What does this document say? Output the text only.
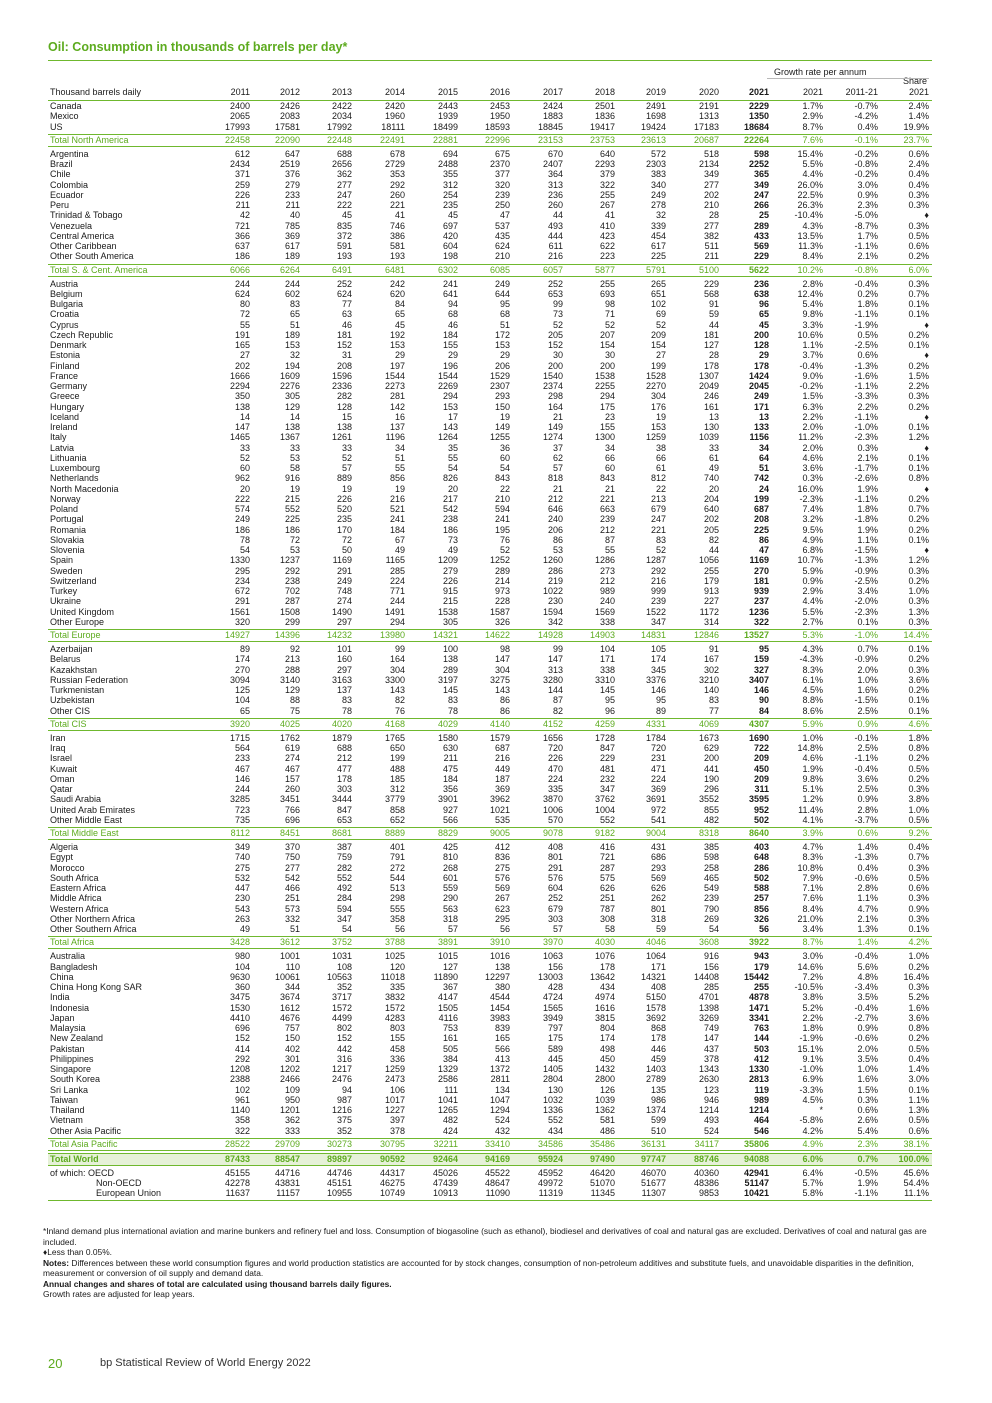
Oil: Consumption in thousands of barrels per day*
Growth rate per annum
Share
Thousand barrels daily	2011	2012	2013	2014	2015	2016	2017	2018	2019	2020	2021	2021	2011-21	2021
Canada	2400	2426	2422	2420	2443	2453	2424	2501	2491	2191	2229	1.7%	-0.7%	2.4%
Mexico	2065	2083	2034	1960	1939	1950	1883	1836	1698	1313	1350	2.9%	-4.2%	1.4%
US	17993	17581	17992	18111	18499	18593	18845	19417	19424	17183	18684	8.7%	0.4%	19.9%
Total North America	22458	22090	22448	22491	22881	22996	23153	23753	23613	20687	22264	7.6%	-0.1%	23.7%
Argentina	612	647	688	678	694	675	670	640	572	518	598	15.4%	-0.2%	0.6%
Brazil	2434	2519	2656	2729	2488	2370	2407	2293	2303	2134	2252	5.5%	-0.8%	2.4%
Chile	371	376	362	353	355	377	364	379	383	349	365	4.4%	-0.2%	0.4%
Colombia	259	279	277	292	312	320	313	322	340	277	349	26.0%	3.0%	0.4%
Ecuador	226	233	247	260	254	239	236	255	249	202	247	22.5%	0.9%	0.3%
Peru	211	211	222	221	235	250	260	267	278	210	266	26.3%	2.3%	0.3%
Trinidad & Tobago	42	40	45	41	45	47	44	41	32	28	25	-10.4%	-5.0%	♦
Venezuela	721	785	835	746	697	537	493	410	339	277	289	4.3%	-8.7%	0.3%
Central America	366	369	372	386	420	435	444	423	454	382	433	13.5%	1.7%	0.5%
Other Caribbean	637	617	591	581	604	624	611	622	617	511	569	11.3%	-1.1%	0.6%
Other South America	186	189	193	193	198	210	216	223	225	211	229	8.4%	2.1%	0.2%
Total S. & Cent. America	6066	6264	6491	6481	6302	6085	6057	5877	5791	5100	5622	10.2%	-0.8%	6.0%
Austria	244	244	252	242	241	249	252	255	265	229	236	2.8%	-0.4%	0.3%
Belgium	624	602	624	620	641	644	653	693	651	568	638	12.4%	0.2%	0.7%
Bulgaria	80	83	77	84	94	95	99	98	102	91	96	5.4%	1.8%	0.1%
Croatia	72	65	63	65	68	68	73	71	69	59	65	9.8%	-1.1%	0.1%
Cyprus	55	51	46	45	46	51	52	52	52	44	45	3.3%	-1.9%	♦
Czech Republic	191	189	181	192	184	172	205	207	209	181	200	10.6%	0.5%	0.2%
Denmark	165	153	152	153	155	153	152	154	154	127	128	1.1%	-2.5%	0.1%
Estonia	27	32	31	29	29	29	30	30	27	28	29	3.7%	0.6%	♦
Finland	202	194	208	197	196	206	200	200	199	178	178	-0.4%	-1.3%	0.2%
France	1666	1609	1596	1544	1544	1529	1540	1538	1528	1307	1424	9.0%	-1.6%	1.5%
Germany	2294	2276	2336	2273	2269	2307	2374	2255	2270	2049	2045	-0.2%	-1.1%	2.2%
Greece	350	305	282	281	294	293	298	294	304	246	249	1.5%	-3.3%	0.3%
Hungary	138	129	128	142	153	150	164	175	176	161	171	6.3%	2.2%	0.2%
Iceland	14	14	15	16	17	19	21	23	19	13	13	2.2%	-1.1%	♦
Ireland	147	138	138	137	143	149	149	155	153	130	133	2.0%	-1.0%	0.1%
Italy	1465	1367	1261	1196	1264	1255	1274	1300	1259	1039	1156	11.2%	-2.3%	1.2%
Latvia	33	33	33	34	35	36	37	34	38	33	34	2.0%	0.3%	♦
Lithuania	52	53	52	51	55	60	62	66	66	61	64	4.6%	2.1%	0.1%
Luxembourg	60	58	57	55	54	54	57	60	61	49	51	3.6%	-1.7%	0.1%
Netherlands	962	916	889	856	826	843	818	843	812	740	742	0.3%	-2.6%	0.8%
North Macedonia	20	19	19	19	20	22	21	21	22	20	24	16.0%	1.9%	♦
Norway	222	215	226	216	217	210	212	221	213	204	199	-2.3%	-1.1%	0.2%
Poland	574	552	520	521	542	594	646	663	679	640	687	7.4%	1.8%	0.7%
Portugal	249	225	235	241	238	241	240	239	247	202	208	3.2%	-1.8%	0.2%
Romania	186	186	170	184	186	195	206	212	221	205	225	9.5%	1.9%	0.2%
Slovakia	78	72	72	67	73	76	86	87	83	82	86	4.9%	1.1%	0.1%
Slovenia	54	53	50	49	49	52	53	55	52	44	47	6.8%	-1.5%	♦
Spain	1330	1237	1169	1165	1209	1252	1260	1286	1287	1056	1169	10.7%	-1.3%	1.2%
Sweden	295	292	291	285	279	289	286	273	292	255	270	5.9%	-0.9%	0.3%
Switzerland	234	238	249	224	226	214	219	212	216	179	181	0.9%	-2.5%	0.2%
Turkey	672	702	748	771	915	973	1022	989	999	913	939	2.9%	3.4%	1.0%
Ukraine	291	287	274	244	215	228	230	240	239	227	237	4.4%	-2.0%	0.3%
United Kingdom	1561	1508	1490	1491	1538	1587	1594	1569	1522	1172	1236	5.5%	-2.3%	1.3%
Other Europe	320	299	297	294	305	326	342	338	347	314	322	2.7%	0.1%	0.3%
Total Europe	14927	14396	14232	13980	14321	14622	14928	14903	14831	12846	13527	5.3%	-1.0%	14.4%
Azerbaijan	89	92	101	99	100	98	99	104	105	91	95	4.3%	0.7%	0.1%
Belarus	174	213	160	164	138	147	147	171	174	167	159	-4.3%	-0.9%	0.2%
Kazakhstan	270	288	297	304	289	304	313	338	345	302	327	8.3%	2.0%	0.3%
Russian Federation	3094	3140	3163	3300	3197	3275	3280	3310	3376	3210	3407	6.1%	1.0%	3.6%
Turkmenistan	125	129	137	143	145	143	144	145	146	140	146	4.5%	1.6%	0.2%
Uzbekistan	104	88	83	82	83	86	87	95	95	83	90	8.8%	-1.5%	0.1%
Other CIS	65	75	78	76	78	86	82	96	89	77	84	8.6%	2.5%	0.1%
Total CIS	3920	4025	4020	4168	4029	4140	4152	4259	4331	4069	4307	5.9%	0.9%	4.6%
Iran	1715	1762	1879	1765	1580	1579	1656	1728	1784	1673	1690	1.0%	-0.1%	1.8%
Iraq	564	619	688	650	630	687	720	847	720	629	722	14.8%	2.5%	0.8%
Israel	233	274	212	199	211	216	226	229	231	200	209	4.6%	-1.1%	0.2%
Kuwait	467	467	477	488	475	449	470	481	471	441	450	1.9%	-0.4%	0.5%
Oman	146	157	178	185	184	187	224	232	224	190	209	9.8%	3.6%	0.2%
Qatar	244	260	303	312	356	369	335	347	369	296	311	5.1%	2.5%	0.3%
Saudi Arabia	3285	3451	3444	3779	3901	3962	3870	3762	3691	3552	3595	1.2%	0.9%	3.8%
United Arab Emirates	723	766	847	858	927	1021	1006	1004	972	855	952	11.4%	2.8%	1.0%
Other Middle East	735	696	653	652	566	535	570	552	541	482	502	4.1%	-3.7%	0.5%
Total Middle East	8112	8451	8681	8889	8829	9005	9078	9182	9004	8318	8640	3.9%	0.6%	9.2%
Algeria	349	370	387	401	425	412	408	416	431	385	403	4.7%	1.4%	0.4%
Egypt	740	750	759	791	810	836	801	721	686	598	648	8.3%	-1.3%	0.7%
Morocco	275	277	282	272	268	275	291	287	293	258	286	10.8%	0.4%	0.3%
South Africa	532	542	552	544	601	576	576	575	569	465	502	7.9%	-0.6%	0.5%
Eastern Africa	447	466	492	513	559	569	604	626	626	549	588	7.1%	2.8%	0.6%
Middle Africa	230	251	284	298	290	267	252	251	262	239	257	7.6%	1.1%	0.3%
Western Africa	543	573	594	555	563	623	679	787	801	790	856	8.4%	4.7%	0.9%
Other Northern Africa	263	332	347	358	318	295	303	308	318	269	326	21.0%	2.1%	0.3%
Other Southern Africa	49	51	54	56	57	56	57	58	59	54	56	3.4%	1.3%	0.1%
Total Africa	3428	3612	3752	3788	3891	3910	3970	4030	4046	3608	3922	8.7%	1.4%	4.2%
Australia	980	1001	1031	1025	1015	1016	1063	1076	1064	916	943	3.0%	-0.4%	1.0%
Bangladesh	104	110	108	120	127	138	156	178	171	156	179	14.6%	5.6%	0.2%
China	9630	10061	10563	11018	11890	12297	13003	13642	14321	14408	15442	7.2%	4.8%	16.4%
China Hong Kong SAR	360	344	352	335	367	380	428	434	408	285	255	-10.5%	-3.4%	0.3%
India	3475	3674	3717	3832	4147	4544	4724	4974	5150	4701	4878	3.8%	3.5%	5.2%
Indonesia	1530	1612	1572	1572	1505	1454	1565	1616	1578	1398	1471	5.2%	-0.4%	1.6%
Japan	4410	4676	4499	4283	4116	3983	3949	3815	3692	3269	3341	2.2%	-2.7%	3.6%
Malaysia	696	757	802	803	753	839	797	804	868	749	763	1.8%	0.9%	0.8%
New Zealand	152	150	152	155	161	165	175	174	178	147	144	-1.9%	-0.6%	0.2%
Pakistan	414	402	442	458	505	566	589	498	446	437	503	15.1%	2.0%	0.5%
Philippines	292	301	316	336	384	413	445	450	459	378	412	9.1%	3.5%	0.4%
Singapore	1208	1202	1217	1259	1329	1372	1405	1432	1403	1343	1330	-1.0%	1.0%	1.4%
South Korea	2388	2466	2476	2473	2586	2811	2804	2800	2789	2630	2813	6.9%	1.6%	3.0%
Sri Lanka	102	109	94	106	111	134	130	126	135	123	119	-3.3%	1.5%	0.1%
Taiwan	961	950	987	1017	1041	1047	1032	1039	986	946	989	4.5%	0.3%	1.1%
Thailand	1140	1201	1216	1227	1265	1294	1336	1362	1374	1214	1214	*	0.6%	1.3%
Vietnam	358	362	375	397	482	524	552	581	599	493	464	-5.8%	2.6%	0.5%
Other Asia Pacific	322	333	352	378	424	432	434	486	510	524	546	4.2%	5.4%	0.6%
Total Asia Pacific	28522	29709	30273	30795	32211	33410	34586	35486	36131	34117	35806	4.9%	2.3%	38.1%
Total World	87433	88547	89897	90592	92464	94169	95924	97490	97747	88746	94088	6.0%	0.7%	100.0%
of which: OECD	45155	44716	44746	44317	45026	45522	45952	46420	46070	40360	42941	6.4%	-0.5%	45.6%
Non-OECD	42278	43831	45151	46275	47439	48647	49972	51070	51677	48386	51147	5.7%	1.9%	54.4%
European Union	11637	11157	10955	10749	10913	11090	11319	11345	11307	9853	10421	5.8%	-1.1%	11.1%

*Inland demand plus international aviation and marine bunkers and refinery fuel and loss. Consumption of biogasoline (such as ethanol), biodiesel and derivatives of coal and natural gas are excluded. Derivatives of coal and natural gas are included.

♦Less than 0.05%.

Notes: Differences between these world consumption figures and world production statistics are accounted for by stock changes, consumption of non-petroleum additives and substitute fuels, and unavoidable disparities in the definition, measurement or conversion of oil supply and demand data.

Annual changes and shares of total are calculated using thousand barrels daily figures.

Growth rates are adjusted for leap years.

20	bp Statistical Review of World Energy 2022
